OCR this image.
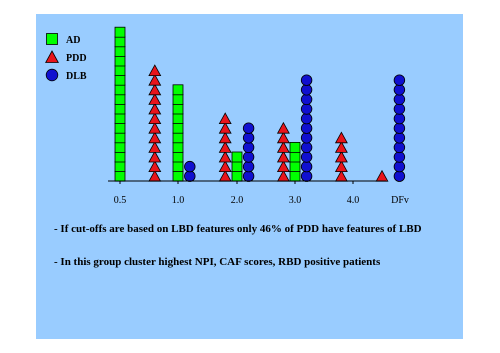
AD
PDD
DLB
0.5	1.0	2.0	3.0	4.0	DFv
- If cut-offs are based on LBD features only 46% of PDD have features of LBD
- In this group cluster highest NPI, CAF scores, RBD positive patients
